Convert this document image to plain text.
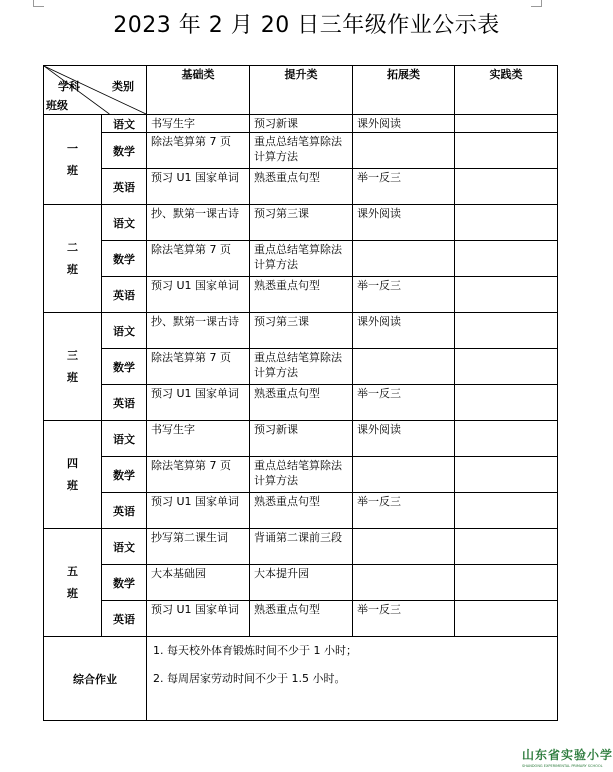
2023 年 2 月 20 日三年级作业公示表
学科 类别
班级		基础类	提升类	拓展类	实践类

一
班	语文	书写生字	预习新课	课外阅读	
	数学	除法笔算第 7 页	重点总结笔算除法计算方法		
	英语	预习 U1 国家单词	熟悉重点句型	举一反三	

二
班	语文	抄、默第一课古诗	预习第三课	课外阅读	
	数学	除法笔算第 7 页	重点总结笔算除法计算方法		
	英语	预习 U1 国家单词	熟悉重点句型	举一反三	

三
班	语文	抄、默第一课古诗	预习第三课	课外阅读	
	数学	除法笔算第 7 页	重点总结笔算除法计算方法		
	英语	预习 U1 国家单词	熟悉重点句型	举一反三	

四
班	语文	书写生字	预习新课	课外阅读	
	数学	除法笔算第 7 页	重点总结笔算除法计算方法		
	英语	预习 U1 国家单词	熟悉重点句型	举一反三	

五
班	语文	抄写第二课生词	背诵第二课前三段		
	数学	大本基础园	大本提升园		
	英语	预习 U1 国家单词	熟悉重点句型	举一反三	
综合作业		1. 每天校外体育锻炼时间不少于 1 小时；
2. 每周居家劳动时间不少于 1.5 小时。			
山东省实验小学
SHANDONG EXPERIMENTAL PRIMARY SCHOOL
